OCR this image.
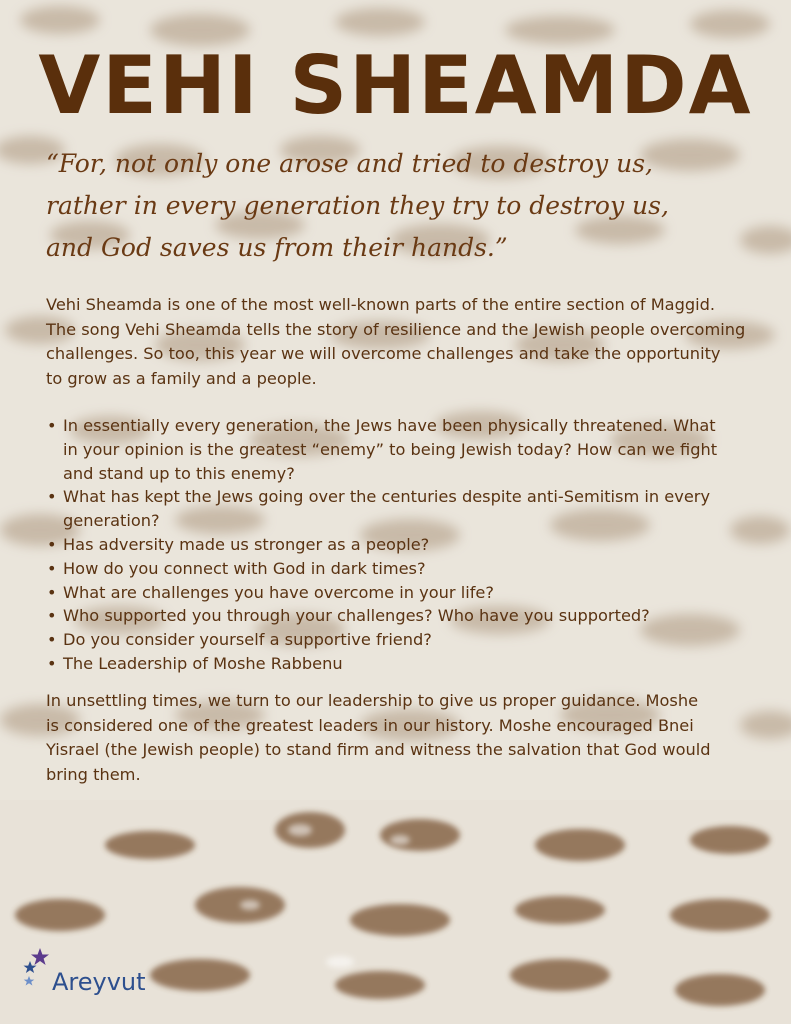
VEHI SHEAMDA

“For, not only one arose and tried to destroy us,
rather in every generation they try to destroy us,
and God saves us from their hands.”

Vehi Sheamda is one of the most well-known parts of the entire section of Maggid.
The song Vehi Sheamda tells the story of resilience and the Jewish people overcoming
challenges. So too, this year we will overcome challenges and take the opportunity
to grow as a family and a people.

• In essentially every generation, the Jews have been physically threatened. What
in your opinion is the greatest “enemy” to being Jewish today? How can we fight
and stand up to this enemy?
• What has kept the Jews going over the centuries despite anti-Semitism in every
generation?
• Has adversity made us stronger as a people?
• How do you connect with God in dark times?
• What are challenges you have overcome in your life?
• Who supported you through your challenges? Who have you supported?
• Do you consider yourself a supportive friend?
• The Leadership of Moshe Rabbenu

In unsettling times, we turn to our leadership to give us proper guidance. Moshe
is considered one of the greatest leaders in our history. Moshe encouraged Bnei
Yisrael (the Jewish people) to stand firm and witness the salvation that God would
bring them.

Areyvut
